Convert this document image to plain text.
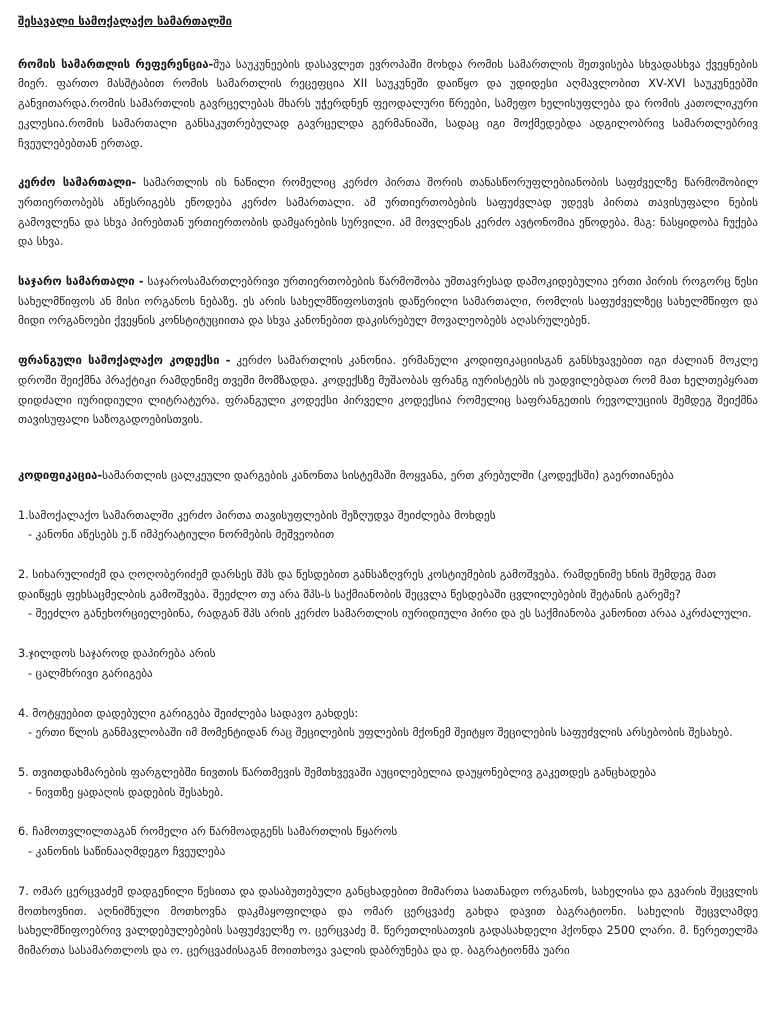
შესავალი სამოქალაქო სამართალში
რომის სამართლის რეფერენცია-შუა საუკუნეების დასავლეთ ევროპაში მოხდა რომის სამართლის შეთვისება სხვადასხვა ქვეყნების მიერ. ფართო მასშტაბით რომის სამართლის რეცეფცია XII საუკუნეში დაიწყო და უდიდესი აღმავლობით XV-XVI საუკუნეებში განვითარდა.რომის სამართლის გავრცელებას მხარს უჭერდნენ ფეოდალური წრეები, სამეფო ხელისუფლება და რომის კათოლიკური ეკლესია.რომის სამართალი განსაკუთრებულად გავრცელდა გერმანიაში, სადაც იგი მოქმედებდა ადგილობრივ სამართლებრივ ჩვეულებებთან ერთად.
კერძო სამართალი- სამართლის ის ნაწილი რომელიც კერძო პირთა შორის თანასწორუფლებიანობის საფძველზე წარმოშობილ ურთიერთობებს აწესრიგებს ეწოდება კერძო სამართალი. ამ ურთიერთობების საფუძვლად უდევს პირთა თავისუფალი ნების გამოვლენა და სხვა პირებთან ურთიერთობის დამყარების სურვილი. ამ მოვლენას კერძო ავტონომია ეწოდება. მაგ: ნასყიდობა ჩუქება და სხვა.
საჯარო სამართალი - საჯაროსამართლებრივი ურთიერთობების წარმოშობა უმთავრესად დამოკიდებულია ერთი პირის როგორც წესი სახელმწიფოს ან მისი ორგანოს ნებაზე. ეს არის სახელმწიფოსთვის დაწერილი სამართალი, რომლის საფუძველზეც სახელმწიფო და მიდი ორგანოები ქვეყნის კონსტიტუციითა და სხვა კანონებით დაკისრებულ მოვალეობებს აღასრულებენ.
ფრანგული სამოქალაქო კოდექსი - კერძო სამართლის კანონია. ერმანული კოდიფიკაციისგან განსხვავებით იგი ძალიან მოკლე დროში შეიქმნა პრაქტიკი რამდენიმე თვეში მომზადდა. კოდექსზე მუშაობას ფრანგ იურისტებს ის უადვილებდათ რომ მათ ხელთეპყრათ დიდძალი იურიდიული ლიტრატურა. ფრანგული კოდექსი პირველი კოდექსია რომელიც საფრანგეთის რევოლუციის შემდეგ შეიქმნა თავისუფალი საზოგადოებისთვის.
კოდიფიკაცია-სამართლის ცალკეული დარგების კანონთა სისტემაში მოყვანა, ერთ კრებულში (კოდექსში) გაერთიანება
1.სამოქალაქო სამართალში კერძო პირთა თავისუფლების შეზღუდვა შეიძლება მოხდეს
- კანონი აწესებს ე.წ იმპერატიული ნორმების მეშვეობით
2. სიხარულიძემ და ღოღობერიძემ დარსეს შპს და წესდებით განსაზღვრეს კოსტიუმების გამოშვება. რამდენიმე ხნის შემდეგ მათ დაიწყეს ფეხსაცმელბის გამოშვება. შეეძლო თუ არა შპს-ს საქმიანობის შეცვლა წესდებაში ცვლილებების შეტანის გარეშე?
- შეეძლო განეხორციელებინა, რადგან შპს არის კერძო სამართლის იურიდიული პირი და ეს საქმიანობა კანონით არაა აკრძალული.
3.ჯილდოს საჯაროდ დაპირება არის
- ცალმხრივი გარიგება
4. მოტყუებით დადებული გარიგება შეიძლება სადავო გახდეს:
- ერთი წლის განმავლობაში იმ მომენტიდან რაც შეცილების უფლების მქონემ შეიტყო შეცილების საფუძვლის არსებობის შესახებ.
5. თვითდახმარების ფარგლებში ნივთის წართმევის შემთხვევაში აუცილებელია დაუყონებლივ გაკეთდეს განცხადება
- ნივთზე ყადაღის დადების შესახებ.
6. ჩამოთვლილთაგან რომელი არ წარმოადგენს სამართლის წყაროს
- კანონის საწინააღმდეგო ჩვეულება
7. ომარ ცერცვაძემ დადგენილი წესითა და დასაბუთებული განცხადებით მიმართა სათანადო ორგანოს, სახელისა და გვარის შეცვლის მოთხოვნით. აღნიშნული მოთხოვნა დაკმაყოფილდა და ომარ ცერცვაძე გახდა დავით ბაგრატიონი. სახელის შეცვლამდე სახელმწიფოებრივ ვალდებულებების საფუძველზე ო. ცერცვაძე მ. წერეთლისათვის გადასახდელი ჰქონდა 2500 ლარი. მ. წერეთელმა მიმართა სასამართლოს და ო. ცერცვაძისაგან მოითხოვა ვალის დაბრუნება და დ. ბაგრატიონმა უარი
